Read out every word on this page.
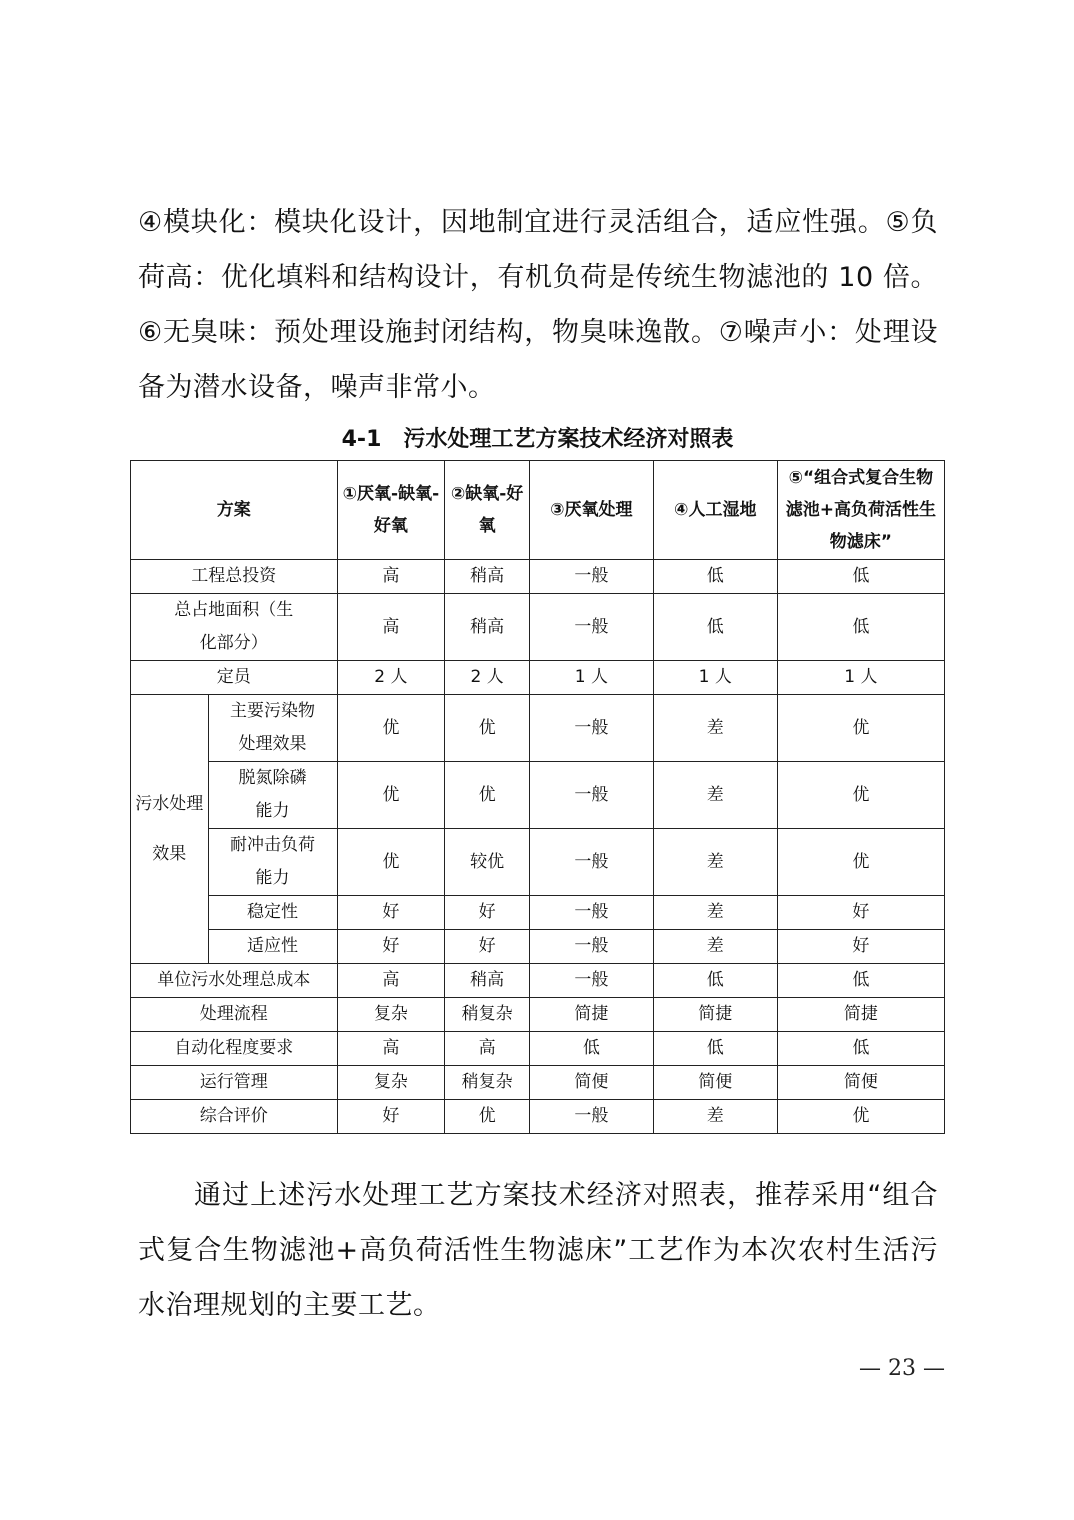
④模块化：模块化设计，因地制宜进行灵活组合，适应性强。⑤负荷高：优化填料和结构设计，有机负荷是传统生物滤池的 10 倍。⑥无臭味：预处理设施封闭结构，物臭味逸散。⑦噪声小：处理设备为潜水设备，噪声非常小。
4-1　污水处理工艺方案技术经济对照表
方案		①厌氧-缺氧-好氧	②缺氧-好氧	③厌氧处理	④人工湿地	⑤“组合式复合生物滤池+高负荷活性生物滤床”
工程总投资		高	稍高	一般	低	低
总占地面积（生化部分）		高	稍高	一般	低	低
定员		2 人	2 人	1 人	1 人	1 人
污水处理效果	主要污染物处理效果	优	优	一般	差	优
	脱氮除磷能力	优	优	一般	差	优
	耐冲击负荷能力	优	较优	一般	差	优
	稳定性	好	好	一般	差	好
	适应性	好	好	一般	差	好
单位污水处理总成本		高	稍高	一般	低	低
处理流程		复杂	稍复杂	简捷	简捷	简捷
自动化程度要求		高	高	低	低	低
运行管理		复杂	稍复杂	简便	简便	简便
综合评价		好	优	一般	差	优
通过上述污水处理工艺方案技术经济对照表，推荐采用“组合式复合生物滤池+高负荷活性生物滤床”工艺作为本次农村生活污水治理规划的主要工艺。
— 23 —
